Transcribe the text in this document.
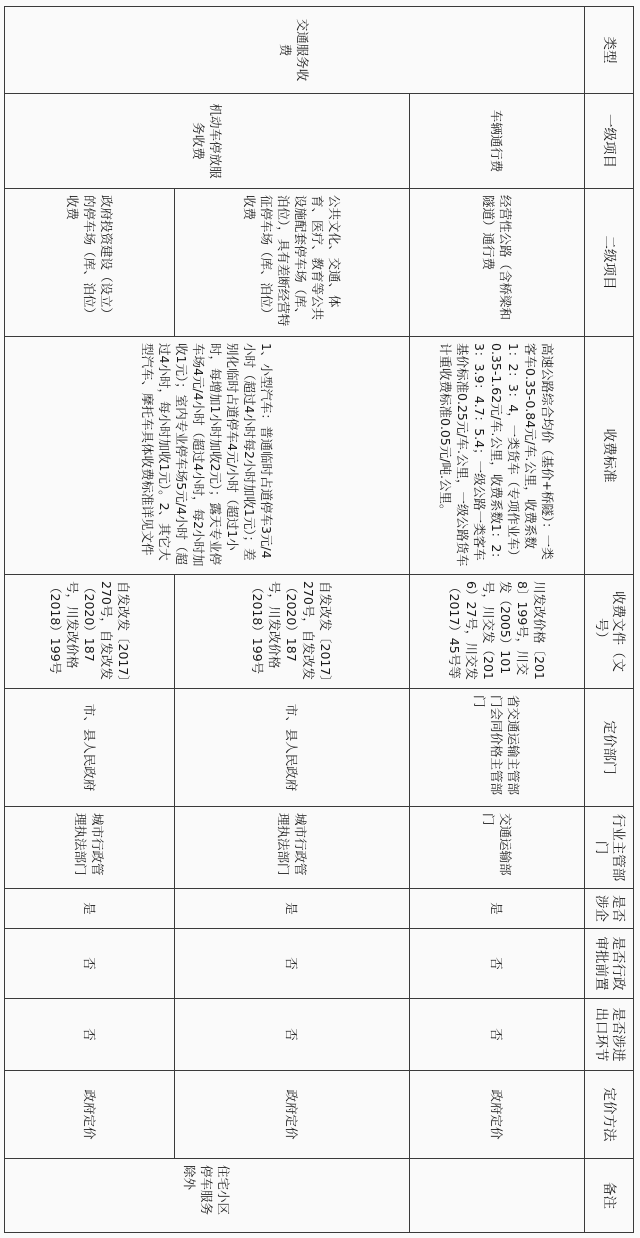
类型	一级项目	二级项目	收费标准	收费文件（文号）	定价部门	行业主管部门	是否涉企	是否行政审批前置	是否涉进出口环节	定价方法	备注
交通服务收费	车辆通行费	经营性公路（含桥梁和隧道）通行费	高速公路综合均价（基价+桥隧）：一类客车0.35-0.84元/车.公里，收费系数1：2：3：4，一类货车（专项作业车）0.35-1.62元/车.公里，收费系数1：2：3：3.9：4.7：5.4；一级公路一类客车基价标准0.25元/车.公里，一级公路货车计重收费标准0.05元/吨.公里。	川发改价格〔2018〕199号，川交发（2005）101号，川交发（2016）27号，川交发（2017）45号等	省交通运输主管部门会同价格主管部门	交通运输部门	是	否	否	政府定价	
	机动车停放服务收费	公共文化、交通、体育、医疗、教育等公共设施配套停车场（库、泊位），具有差断经营特征停车场（库、泊位）收费	1、小型汽车：普通临时占道停车3元/4小时（超过4小时每2小时加收1元）；差别化临时占道停车4元/小时（超过1小时，每增加1小时加收2元）；露天专业停车场4元/4小时（超过4小时，每2小时加收1元）；室内专业停车场5元/4小时（超过4小时，每小时加收1元）。2、其它大型汽车、摩托车具体收费标准详见文件	自发改发〔2017〕270号，自发改发（2020）187号，川发改价格（2018）199号	市、县人民政府	城市行政管理执法部门	是	否	否	政府定价	住宅小区停车服务除外
		政府投资建设（设立）的停车场（库、泊位）收费		自发改发〔2017〕270号，自发改发（2020）187号，川发改价格（2018）199号	市、县人民政府	城市行政管理执法部门	是	否	否	政府定价	
